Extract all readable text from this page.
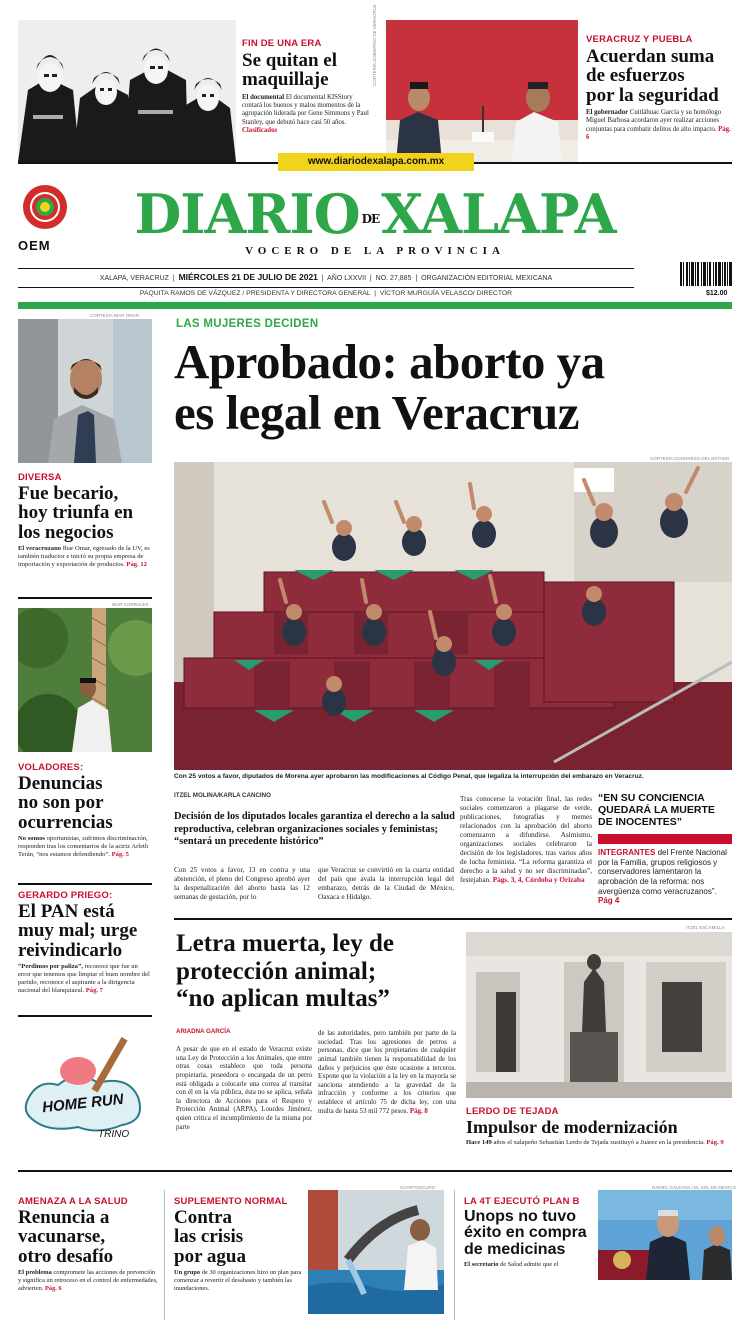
FIN DE UNA ERA
Se quitan el
maquillaje
El documental El documental KISStory contará los buenos y malos momentos de la agrupación liderada por Gene Simmons y Paul Stanley, que debutó hace casi 50 años. Clasificados
CORTESÍA GOBIERNO DE VERACRUZ	VERACRUZ Y PUEBLA
Acuerdan suma
de esfuerzos
por la seguridad
El gobernador Cuitláhuac García y su homólogo Miguel Barbosa acordaron ayer realizar acciones conjuntas para combatir delitos de alto impacto. Pág. 6
www.diariodexalapa.com.mx
OEM	DIARIO DEXALAPA
VOCERO DE LA PROVINCIA
XALAPA, VERACRUZ  |  MIÉRCOLES 21 DE JULIO DE 2021  |  AÑO LXXVII  |  NO. 27,885  |  ORGANIZACIÓN EDITORIAL MEXICANA
PAQUITA RAMOS DE VÁZQUEZ / PRESIDENTA Y DIRECTORA GENERAL  |  VÍCTOR MURGUÍA VELASCO/ DIRECTOR	$12.00
CORTESÍA IBAR OMAR
DIVERSA
Fue becario,
hoy triunfa en
los negocios
El veracruzano Ibar Omar, egresado de la UV, es también traductor e inició su propia empresa de importación y exportación de productos. Pág. 12
IBAR CORRALES
VOLADORES:
Denuncias
no son por
ocurrencias
No somos oportunistas, sufrimos discriminación, responden tras los comentarios de la actriz Arleth Terán, “nos estamos defendiendo”. Pág. 5
GERARDO PRIEGO:
El PAN está
muy mal; urge
reivindicarlo
“Perdimos por paliza”, reconoce que fue un error que tenemos que limpiar el buen nombre del partido, reconoce el aspirante a la dirigencia nacional del blanquiazul. Pág. 7
HOME RUN
TRINO
LAS MUJERES DECIDEN
Aprobado: aborto ya
es legal en Veracruz
CORTESÍA CONGRESO DEL ESTADO
Con 25 votos a favor, diputados de Morena ayer aprobaron las modificaciones al Código Penal, que legaliza la interrupción del embarazo en Veracruz.
ITZEL MOLINA/KARLA CANCINO
Decisión de los diputados locales garantiza el derecho a la salud reproductiva, celebran organizaciones sociales y feministas; “sentará un precedente histórico”
Con 25 votos a favor, 13 en contra y una abstención, el pleno del Congreso aprobó ayer la despenalización del aborto hasta las 12 semanas de gestación, por lo
que Veracruz se convirtió en la cuarta entidad del país que avala la interrupción legal del embarazo, detrás de la Ciudad de México, Oaxaca e Hidalgo.
Tras conocerse la votación final, las redes sociales comenzaron a plagarse de verde, publicaciones, fotografías y memes relacionados con la aprobación del aborto comenzaron a difundirse. Asimismo, organizaciones sociales celebraron la decisión de los legisladores, tras varios años de lucha feminista. “La reforma garantiza el derecho a la salud y no ser discriminadas”, festejaban. Págs. 3, 4, Córdoba y Orizaba
“EN SU CONCIENCIA QUEDARÁ LA MUERTE DE INOCENTES”
INTEGRANTES del Frente Nacional por la Familia, grupos religiosos y conservadores lamentaron la aprobación de la reforma: nos avergüenza como veracruzanos”. Pág 4
Letra muerta, ley de
protección animal;
“no aplican multas”
ARIADNA GARCÍA
A pesar de que en el estado de Veracruz existe una Ley de Protección a los Animales, que entre otras cosas establece que toda persona propietaria, poseedora o encargada de un perro está obligada a colocarle una correa al transitar con él en la vía pública, ésta no se aplica, señala la directora de Acciones para el Respeto y Protección Animal (ARPA), Lourdes Jiménez, quien critica el incumplimiento de la misma por parte
de las autoridades, pero también por parte de la sociedad. Tras los agresiones de perros a personas, dice que los propietarios de cualquier animal también tienen la responsabilidad de los daños y perjuicios que éste ocasione a terceros. Expone que la violación a la ley en la mayoría se sanciona atendiendo a la gravedad de la infracción y conforme a los criterios que establece el artículo 75 de dicha ley, con una multa de hasta 53 mil 772 pesos. Pág. 8
ITZEL ESCAMILLA
LERDO DE TEJADA
Impulsor de modernización
Hace 149 años el xalapeño Sebastián Lerdo de Tejada sustituyó a Juárez en la presidencia. Pág. 9
AMENAZA A LA SALUD
Renuncia a
vacunarse,
otro desafío
El problema compromete las acciones de prevención y significa un retroceso en el control de enfermedades, advierten. Pág. 6
SUPLEMENTO NORMAL
Contra
las crisis
por agua
Un grupo de 30 organizaciones hizo un plan para comenzar a revertir el desabasto y también las inundaciones.
CUARTOSCURO
LA 4T EJECUTÓ PLAN B
Unops no tuvo
éxito en compra
de medicinas
El secretario de Salud admite que el
DANIEL GALEANA / EL SOL DE MÉXICO
